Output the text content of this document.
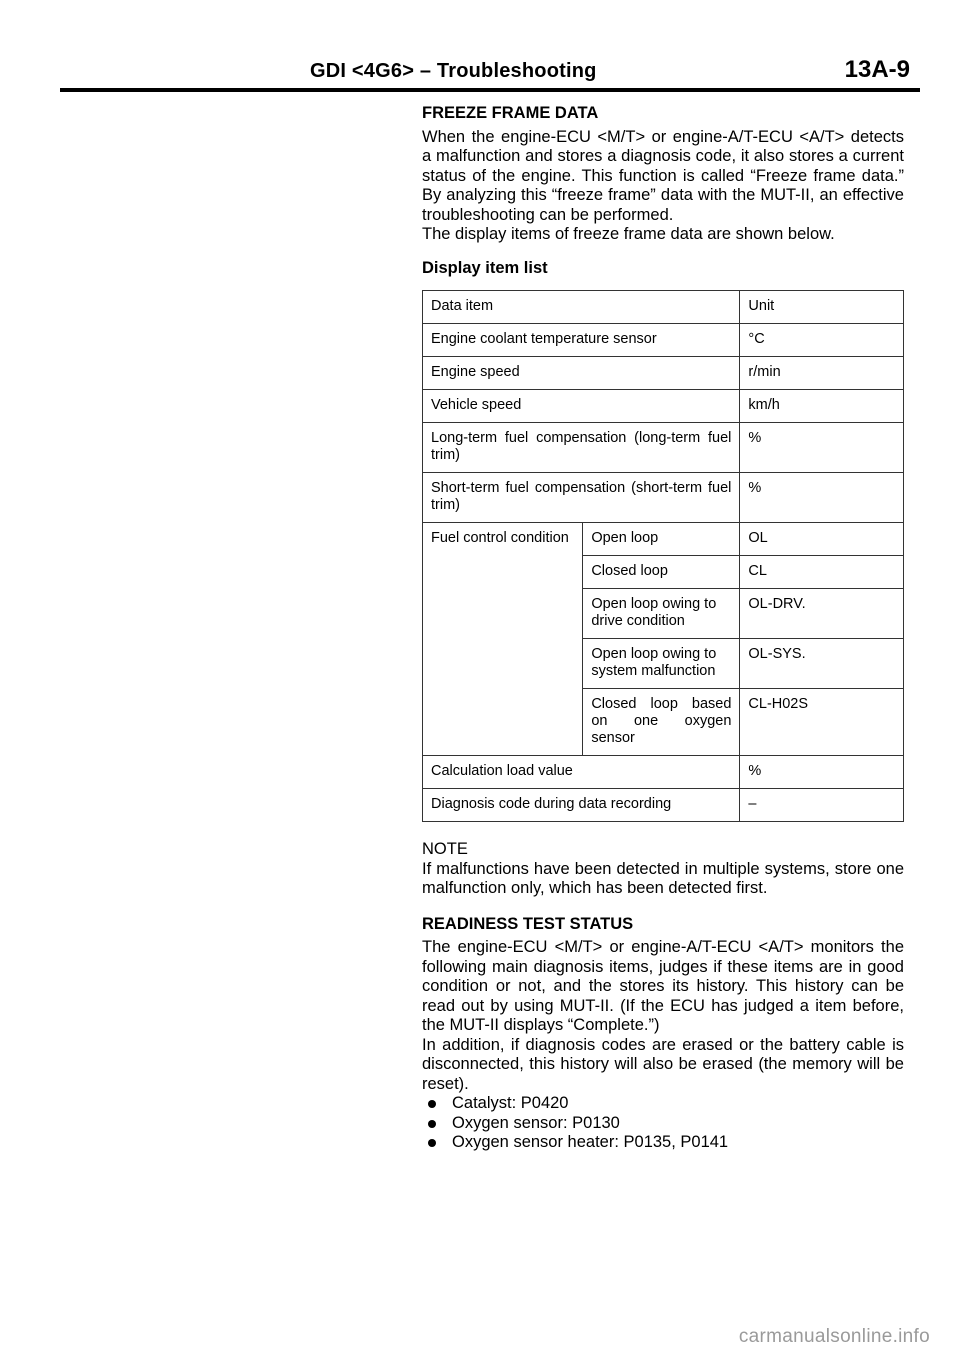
GDI <4G6> – Troubleshooting	13A-9

FREEZE FRAME DATA

When the engine-ECU <M/T> or engine-A/T-ECU <A/T> detects a malfunction and stores a diagnosis code, it also stores a current status of the engine. This function is called “Freeze frame data.” By analyzing this “freeze frame” data with the MUT-II, an effective troubleshooting can be performed.

The display items of freeze frame data are shown below.

Display item list

Data item		Unit
Engine coolant temperature sensor		°C
Engine speed		r/min
Vehicle speed		km/h
Long-term fuel compensation (long-term fuel trim)		%
Short-term fuel compensation (short-term fuel trim)		%
Fuel control condition	Open loop	OL
	Closed loop	CL
	Open loop owing to drive condition	OL-DRV.
	Open loop owing to system malfunction	OL-SYS.
	Closed loop based on one oxygen sensor	CL-H02S
Calculation load value		%
Diagnosis code during data recording		–

NOTE

If malfunctions have been detected in multiple systems, store one malfunction only, which has been detected first.

READINESS TEST STATUS

The engine-ECU <M/T> or engine-A/T-ECU <A/T> monitors the following main diagnosis items, judges if these items are in good condition or not, and the stores its history. This history can be read out by using MUT-II. (If the ECU has judged a item before, the MUT-II displays “Complete.”)

In addition, if diagnosis codes are erased or the battery cable is disconnected, this history will also be erased (the memory will be reset).

Catalyst: P0420
Oxygen sensor: P0130
Oxygen sensor heater: P0135, P0141
carmanualsonline.info
